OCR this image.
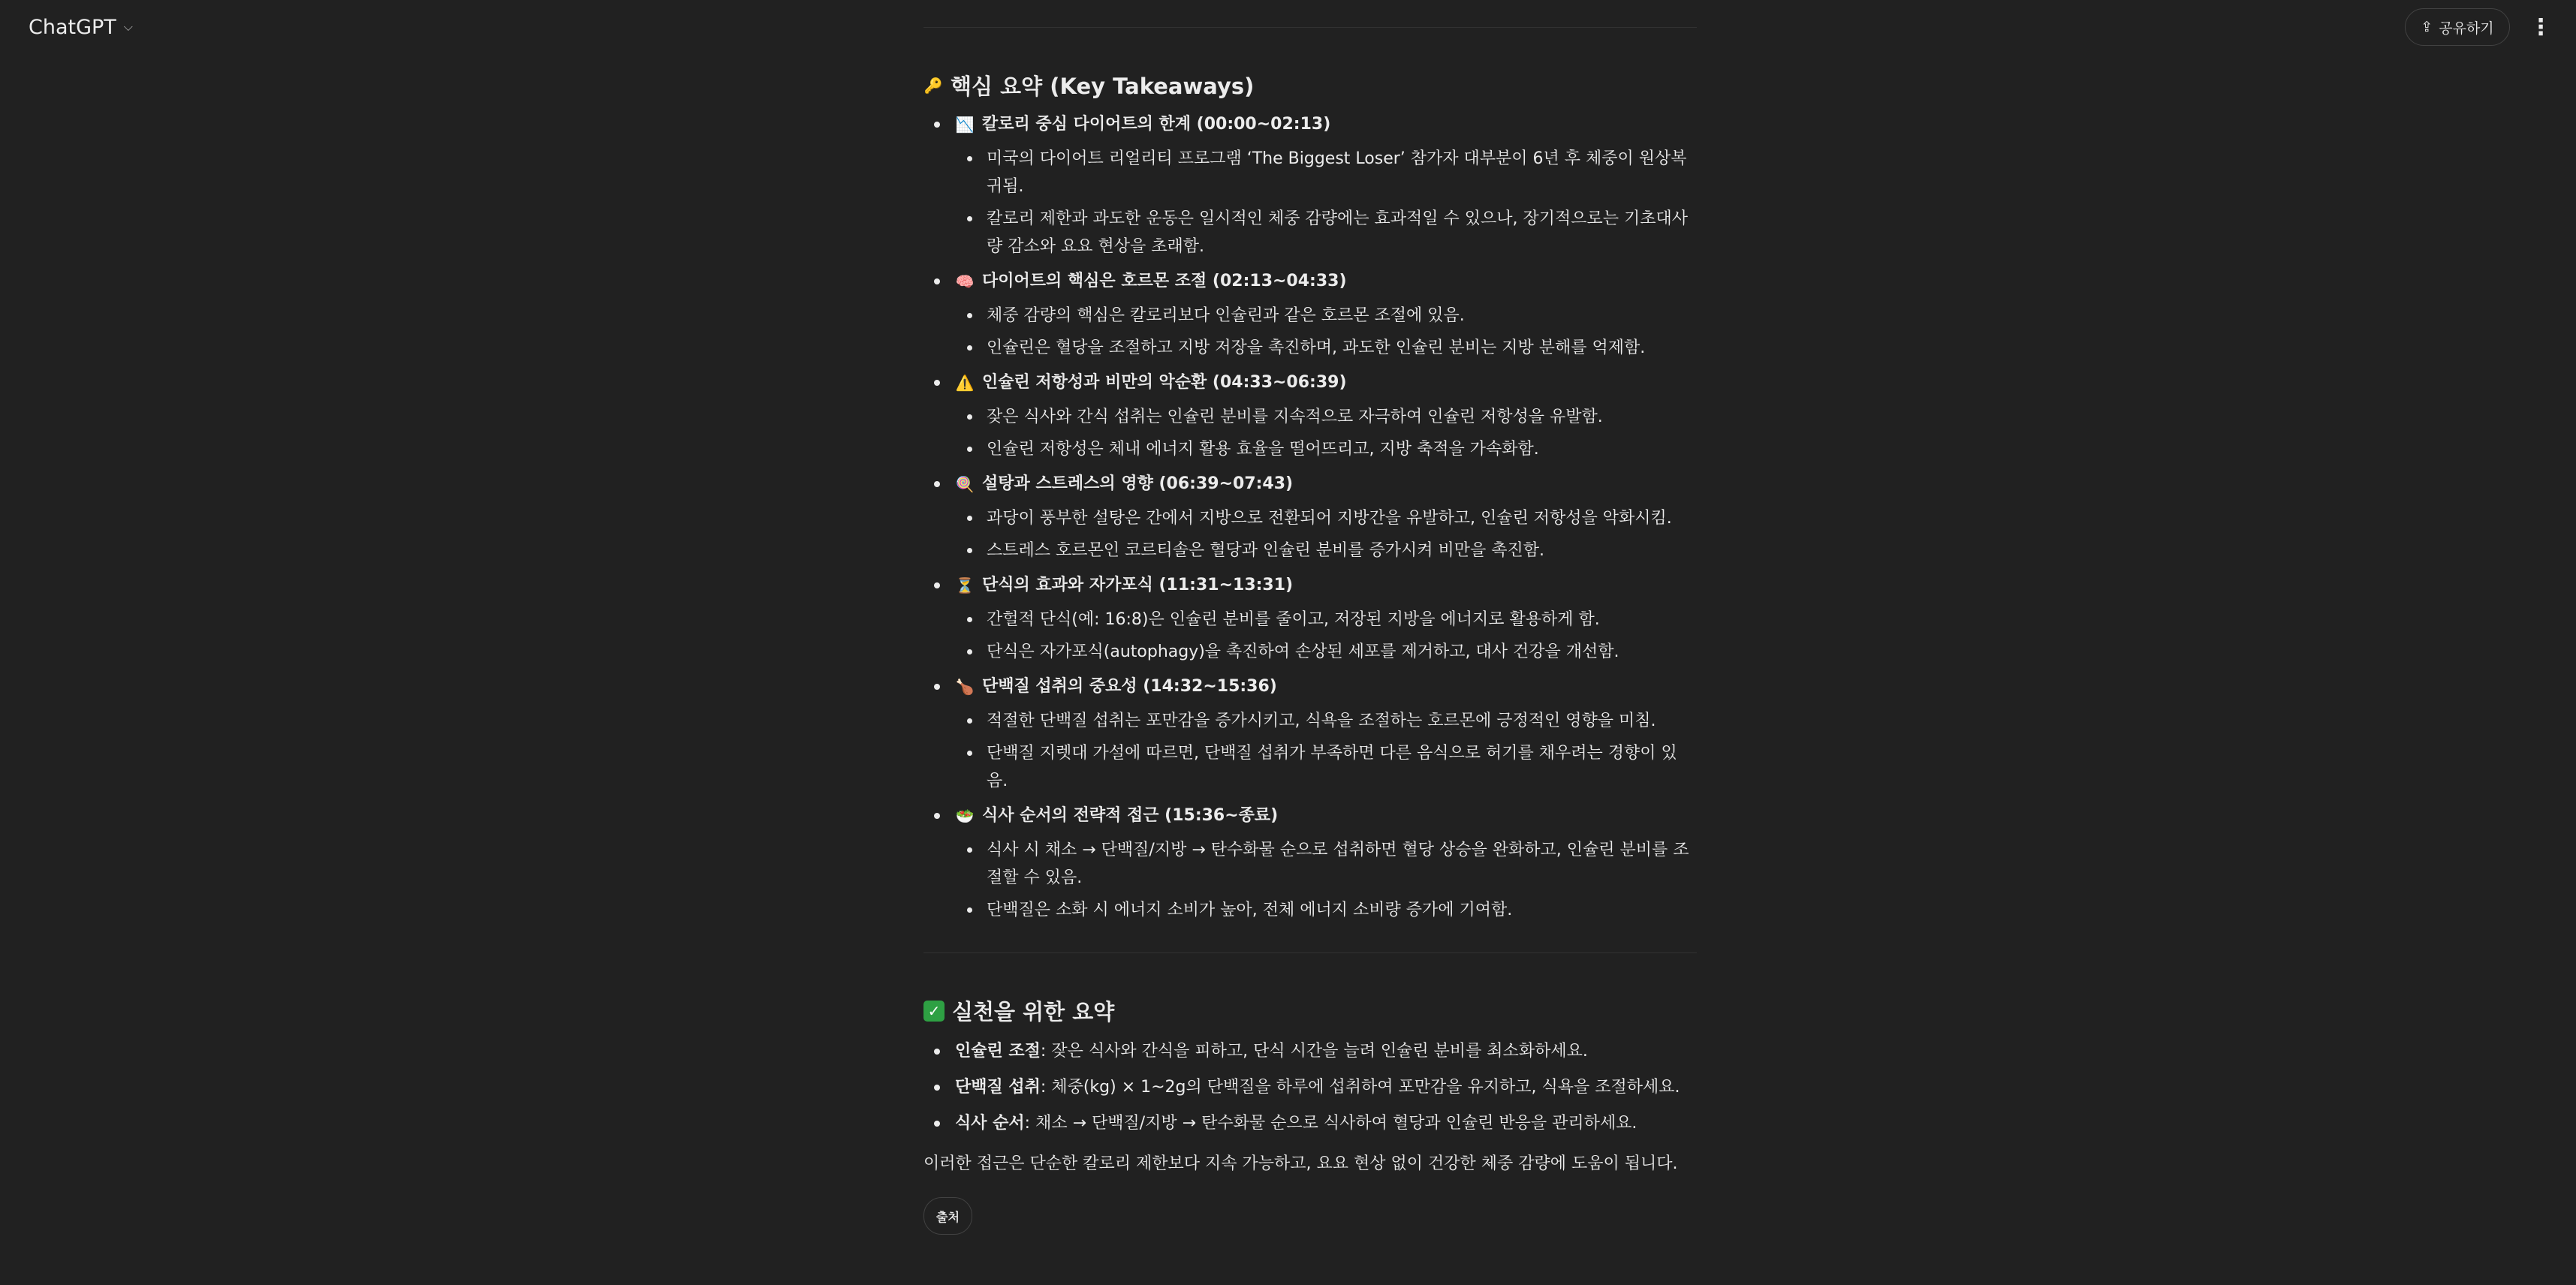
ChatGPT ⌵	⇪ 공유하기 ⋮
🔑 핵심 요약 (Key Takeaways)
📉 칼로리 중심 다이어트의 한계 (00:00~02:13)
미국의 다이어트 리얼리티 프로그램 ‘The Biggest Loser’ 참가자 대부분이 6년 후 체중이 원상복귀됨.
칼로리 제한과 과도한 운동은 일시적인 체중 감량에는 효과적일 수 있으나, 장기적으로는 기초대사량 감소와 요요 현상을 초래함.
🧠 다이어트의 핵심은 호르몬 조절 (02:13~04:33)
체중 감량의 핵심은 칼로리보다 인슐린과 같은 호르몬 조절에 있음.
인슐린은 혈당을 조절하고 지방 저장을 촉진하며, 과도한 인슐린 분비는 지방 분해를 억제함.
⚠️ 인슐린 저항성과 비만의 악순환 (04:33~06:39)
잦은 식사와 간식 섭취는 인슐린 분비를 지속적으로 자극하여 인슐린 저항성을 유발함.
인슐린 저항성은 체내 에너지 활용 효율을 떨어뜨리고, 지방 축적을 가속화함.
🍭 설탕과 스트레스의 영향 (06:39~07:43)
과당이 풍부한 설탕은 간에서 지방으로 전환되어 지방간을 유발하고, 인슐린 저항성을 악화시킴.
스트레스 호르몬인 코르티솔은 혈당과 인슐린 분비를 증가시켜 비만을 촉진함.
⏳ 단식의 효과와 자가포식 (11:31~13:31)
간헐적 단식(예: 16:8)은 인슐린 분비를 줄이고, 저장된 지방을 에너지로 활용하게 함.
단식은 자가포식(autophagy)을 촉진하여 손상된 세포를 제거하고, 대사 건강을 개선함.
🍗 단백질 섭취의 중요성 (14:32~15:36)
적절한 단백질 섭취는 포만감을 증가시키고, 식욕을 조절하는 호르몬에 긍정적인 영향을 미침.
단백질 지렛대 가설에 따르면, 단백질 섭취가 부족하면 다른 음식으로 허기를 채우려는 경향이 있음.
🥗 식사 순서의 전략적 접근 (15:36~종료)
식사 시 채소 → 단백질/지방 → 탄수화물 순으로 섭취하면 혈당 상승을 완화하고, 인슐린 분비를 조절할 수 있음.
단백질은 소화 시 에너지 소비가 높아, 전체 에너지 소비량 증가에 기여함.
✓ 실천을 위한 요약
인슐린 조절: 잦은 식사와 간식을 피하고, 단식 시간을 늘려 인슐린 분비를 최소화하세요.
단백질 섭취: 체중(kg) × 1~2g의 단백질을 하루에 섭취하여 포만감을 유지하고, 식욕을 조절하세요.
식사 순서: 채소 → 단백질/지방 → 탄수화물 순으로 식사하여 혈당과 인슐린 반응을 관리하세요.
이러한 접근은 단순한 칼로리 제한보다 지속 가능하고, 요요 현상 없이 건강한 체중 감량에 도움이 됩니다.
출처
